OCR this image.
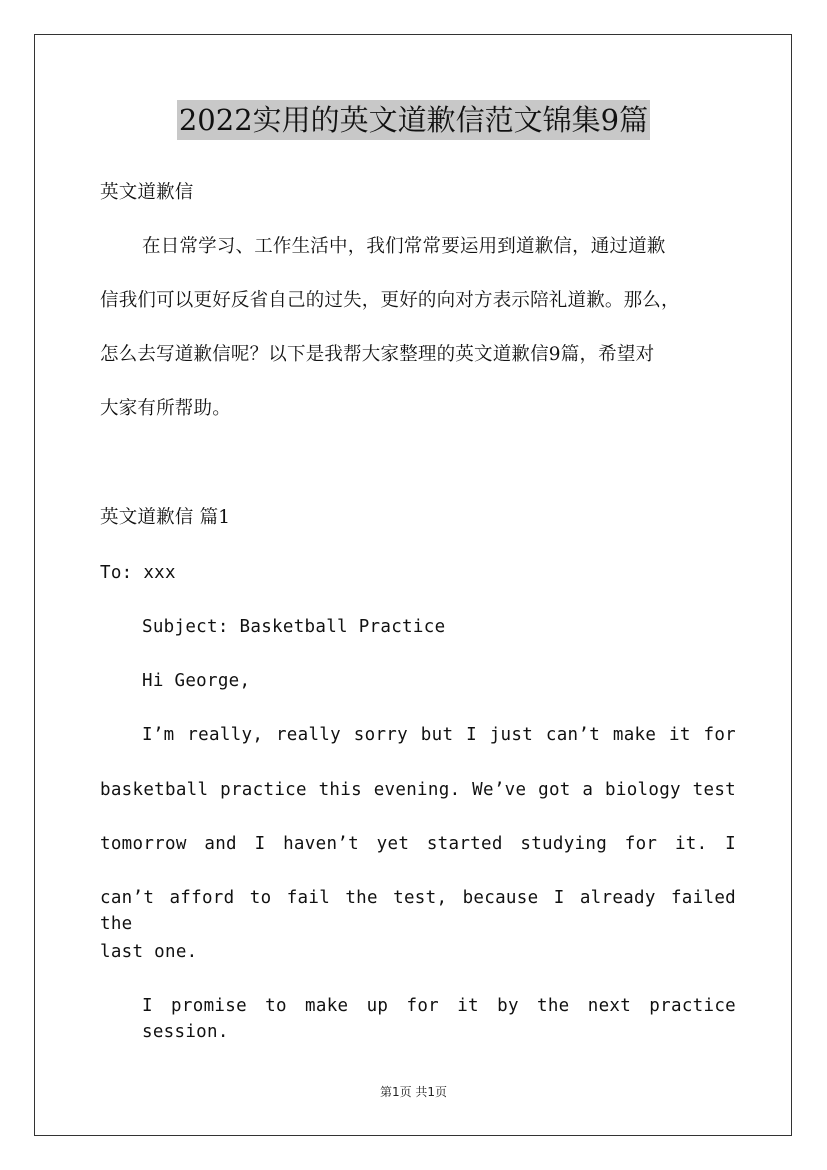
2022实用的英文道歉信范文锦集9篇
英文道歉信
在日常学习、工作生活中，我们常常要运用到道歉信，通过道歉
信我们可以更好反省自己的过失，更好的向对方表示陪礼道歉。那么，
怎么去写道歉信呢？以下是我帮大家整理的英文道歉信9篇，希望对
大家有所帮助。
英文道歉信 篇1
To: xxx
Subject: Basketball Practice
Hi George,
I’m really, really sorry but I just can’t make it for
basketball practice this evening. We’ve got a biology test
tomorrow and I haven’t yet started studying for it. I
can’t afford to fail the test, because I already failed the
last one.
I promise to make up for it by the next practice session.
第1页 共1页
